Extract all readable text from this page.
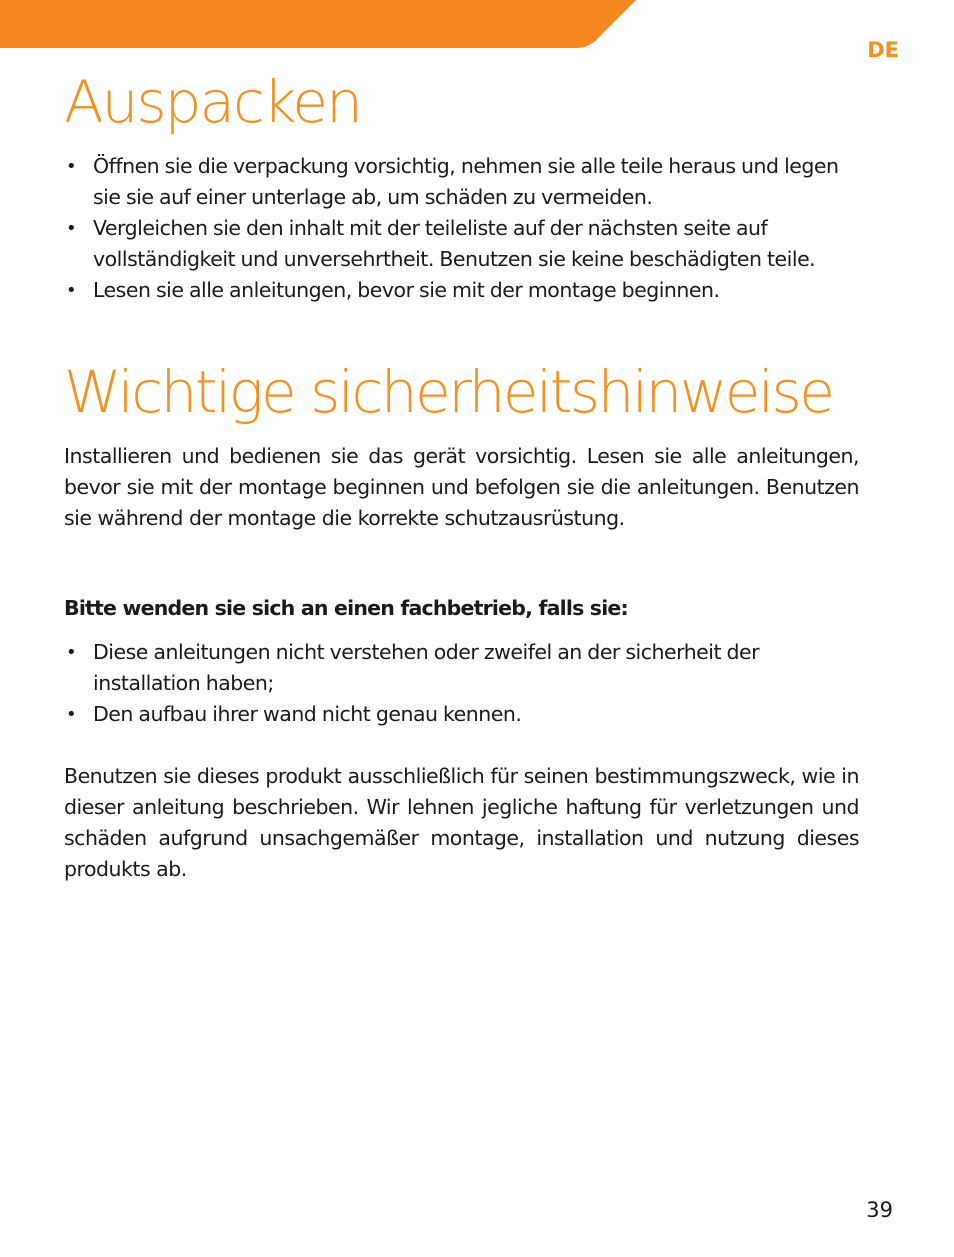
DE
Auspacken
• Öffnen sie die verpackung vorsichtig, nehmen sie alle teile heraus und legen sie sie auf einer unterlage ab, um schäden zu vermeiden.
• Vergleichen sie den inhalt mit der teileliste auf der nächsten seite auf vollständigkeit und unversehrtheit. Benutzen sie keine beschädigten teile.
• Lesen sie alle anleitungen, bevor sie mit der montage beginnen.
Wichtige sicherheitshinweise

Installieren und bedienen sie das gerät vorsichtig. Lesen sie alle anleitungen, bevor sie mit der montage beginnen und befolgen sie die anleitungen. Benutzen sie während der montage die korrekte schutzausrüstung.

Bitte wenden sie sich an einen fachbetrieb, falls sie:
• Diese anleitungen nicht verstehen oder zweifel an der sicherheit der installation haben;
• Den aufbau ihrer wand nicht genau kennen.

Benutzen sie dieses produkt ausschließlich für seinen bestimmungszweck, wie in dieser anleitung beschrieben. Wir lehnen jegliche haftung für verletzungen und schäden aufgrund unsachgemäßer montage, installation und nutzung dieses produkts ab.

39
